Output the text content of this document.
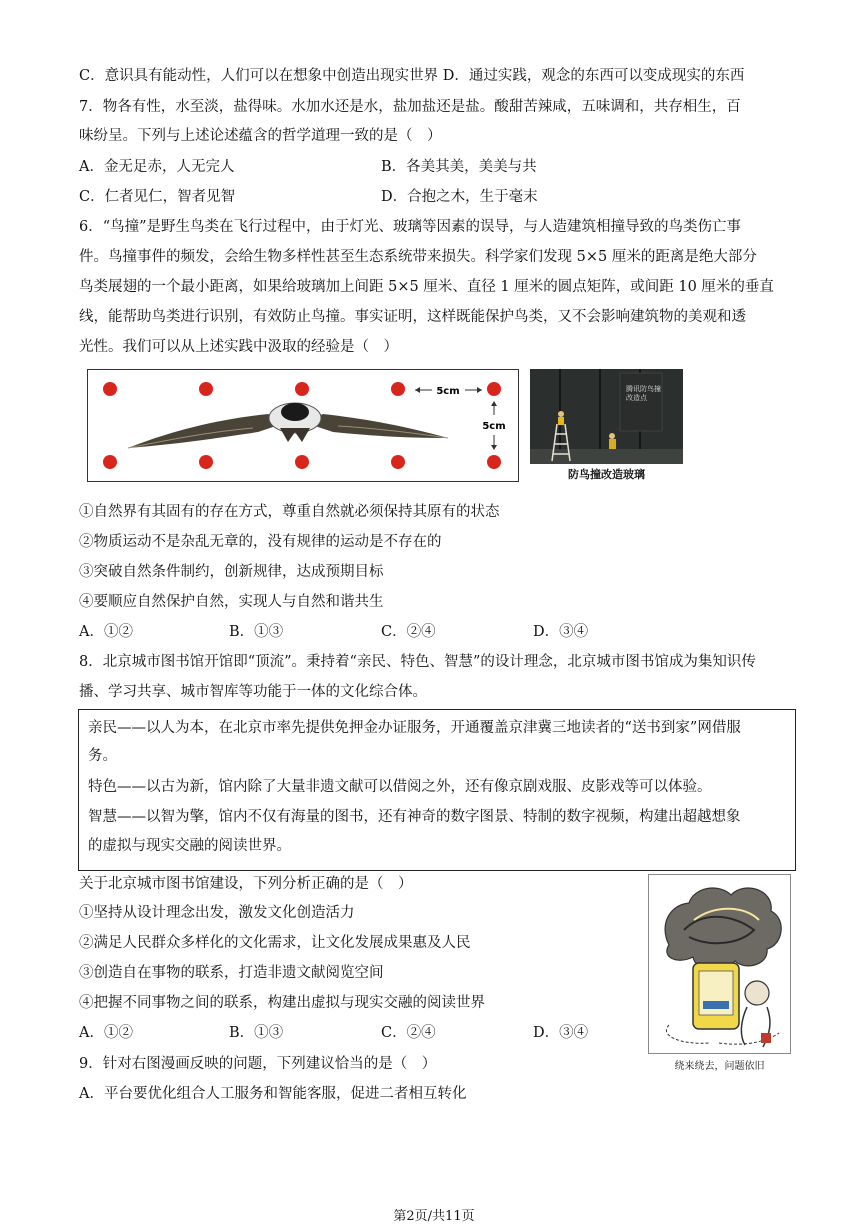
C．意识具有能动性，人们可以在想象中创造出现实世界 D．通过实践，观念的东西可以变成现实的东西
7．物各有性，水至淡，盐得味。水加水还是水，盐加盐还是盐。酸甜苦辣咸，五味调和，共存相生，百
味纷呈。下列与上述论述蕴含的哲学道理一致的是（　）
A．金无足赤，人无完人	B．各美其美，美美与共
C．仁者见仁，智者见智	D．合抱之木，生于毫末
6．“鸟撞”是野生鸟类在飞行过程中，由于灯光、玻璃等因素的误导，与人造建筑相撞导致的鸟类伤亡事
件。鸟撞事件的频发，会给生物多样性甚至生态系统带来损失。科学家们发现 5×5 厘米的距离是绝大部分
鸟类展翅的一个最小距离，如果给玻璃加上间距 5×5 厘米、直径 1 厘米的圆点矩阵，或间距 10 厘米的垂直
线，能帮助鸟类进行识别，有效防止鸟撞。事实证明，这样既能保护鸟类，又不会影响建筑物的美观和透
光性。我们可以从上述实践中汲取的经验是（　）
5cm
5cm
腾讯防鸟撞
改造点
防鸟撞改造玻璃
①自然界有其固有的存在方式，尊重自然就必须保持其原有的状态
②物质运动不是杂乱无章的，没有规律的运动是不存在的
③突破自然条件制约，创新规律，达成预期目标
④要顺应自然保护自然，实现人与自然和谐共生
A．①②	B．①③	C．②④	D．③④
8．北京城市图书馆开馆即“顶流”。秉持着“亲民、特色、智慧”的设计理念，北京城市图书馆成为集知识传
播、学习共享、城市智库等功能于一体的文化综合体。
亲民——以人为本，在北京市率先提供免押金办证服务，开通覆盖京津冀三地读者的“送书到家”网借服
务。
特色——以古为新，馆内除了大量非遗文献可以借阅之外，还有像京剧戏服、皮影戏等可以体验。
智慧——以智为擎，馆内不仅有海量的图书，还有神奇的数字图景、特制的数字视频，构建出超越想象
的虚拟与现实交融的阅读世界。
关于北京城市图书馆建设，下列分析正确的是（　）
①坚持从设计理念出发，激发文化创造活力
②满足人民群众多样化的文化需求，让文化发展成果惠及人民
③创造自在事物的联系，打造非遗文献阅览空间
④把握不同事物之间的联系，构建出虚拟与现实交融的阅读世界
A．①②	B．①③	C．②④	D．③④
绕来绕去，问题依旧
9．针对右图漫画反映的问题，下列建议恰当的是（　）
A．平台要优化组合人工服务和智能客服，促进二者相互转化
第2页/共11页
